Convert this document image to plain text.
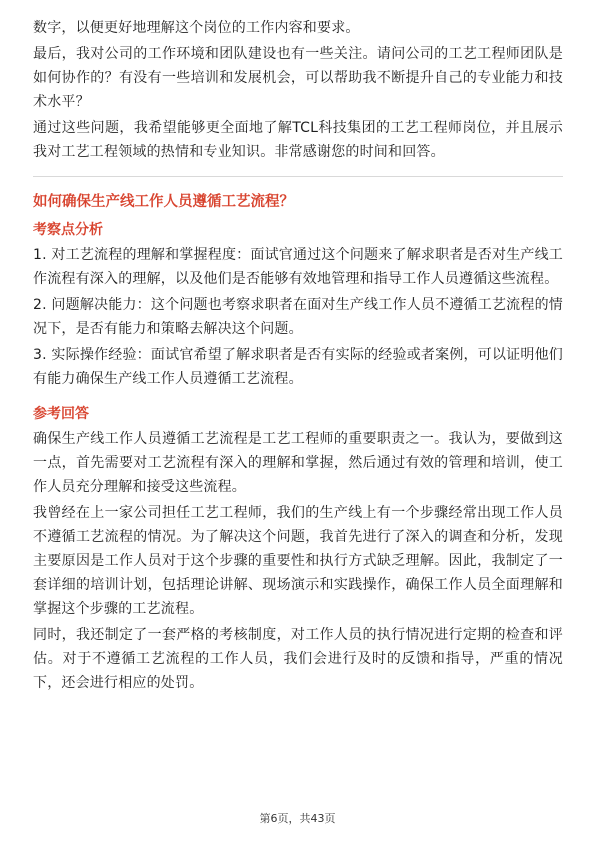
数字，以便更好地理解这个岗位的工作内容和要求。

最后，我对公司的工作环境和团队建设也有一些关注。请问公司的工艺工程师团队是如何协作的？有没有一些培训和发展机会，可以帮助我不断提升自己的专业能力和技术水平？

通过这些问题，我希望能够更全面地了解TCL科技集团的工艺工程师岗位，并且展示我对工艺工程领域的热情和专业知识。非常感谢您的时间和回答。

如何确保生产线工作人员遵循工艺流程？
考察点分析

1. 对工艺流程的理解和掌握程度：面试官通过这个问题来了解求职者是否对生产线工作流程有深入的理解，以及他们是否能够有效地管理和指导工作人员遵循这些流程。

2. 问题解决能力：这个问题也考察求职者在面对生产线工作人员不遵循工艺流程的情况下，是否有能力和策略去解决这个问题。

3. 实际操作经验：面试官希望了解求职者是否有实际的经验或者案例，可以证明他们有能力确保生产线工作人员遵循工艺流程。

参考回答

确保生产线工作人员遵循工艺流程是工艺工程师的重要职责之一。我认为，要做到这一点，首先需要对工艺流程有深入的理解和掌握，然后通过有效的管理和培训，使工作人员充分理解和接受这些流程。

我曾经在上一家公司担任工艺工程师，我们的生产线上有一个步骤经常出现工作人员不遵循工艺流程的情况。为了解决这个问题，我首先进行了深入的调查和分析，发现主要原因是工作人员对于这个步骤的重要性和执行方式缺乏理解。因此，我制定了一套详细的培训计划，包括理论讲解、现场演示和实践操作，确保工作人员全面理解和掌握这个步骤的工艺流程。

同时，我还制定了一套严格的考核制度，对工作人员的执行情况进行定期的检查和评估。对于不遵循工艺流程的工作人员，我们会进行及时的反馈和指导，严重的情况下，还会进行相应的处罚。

第6页，共43页
